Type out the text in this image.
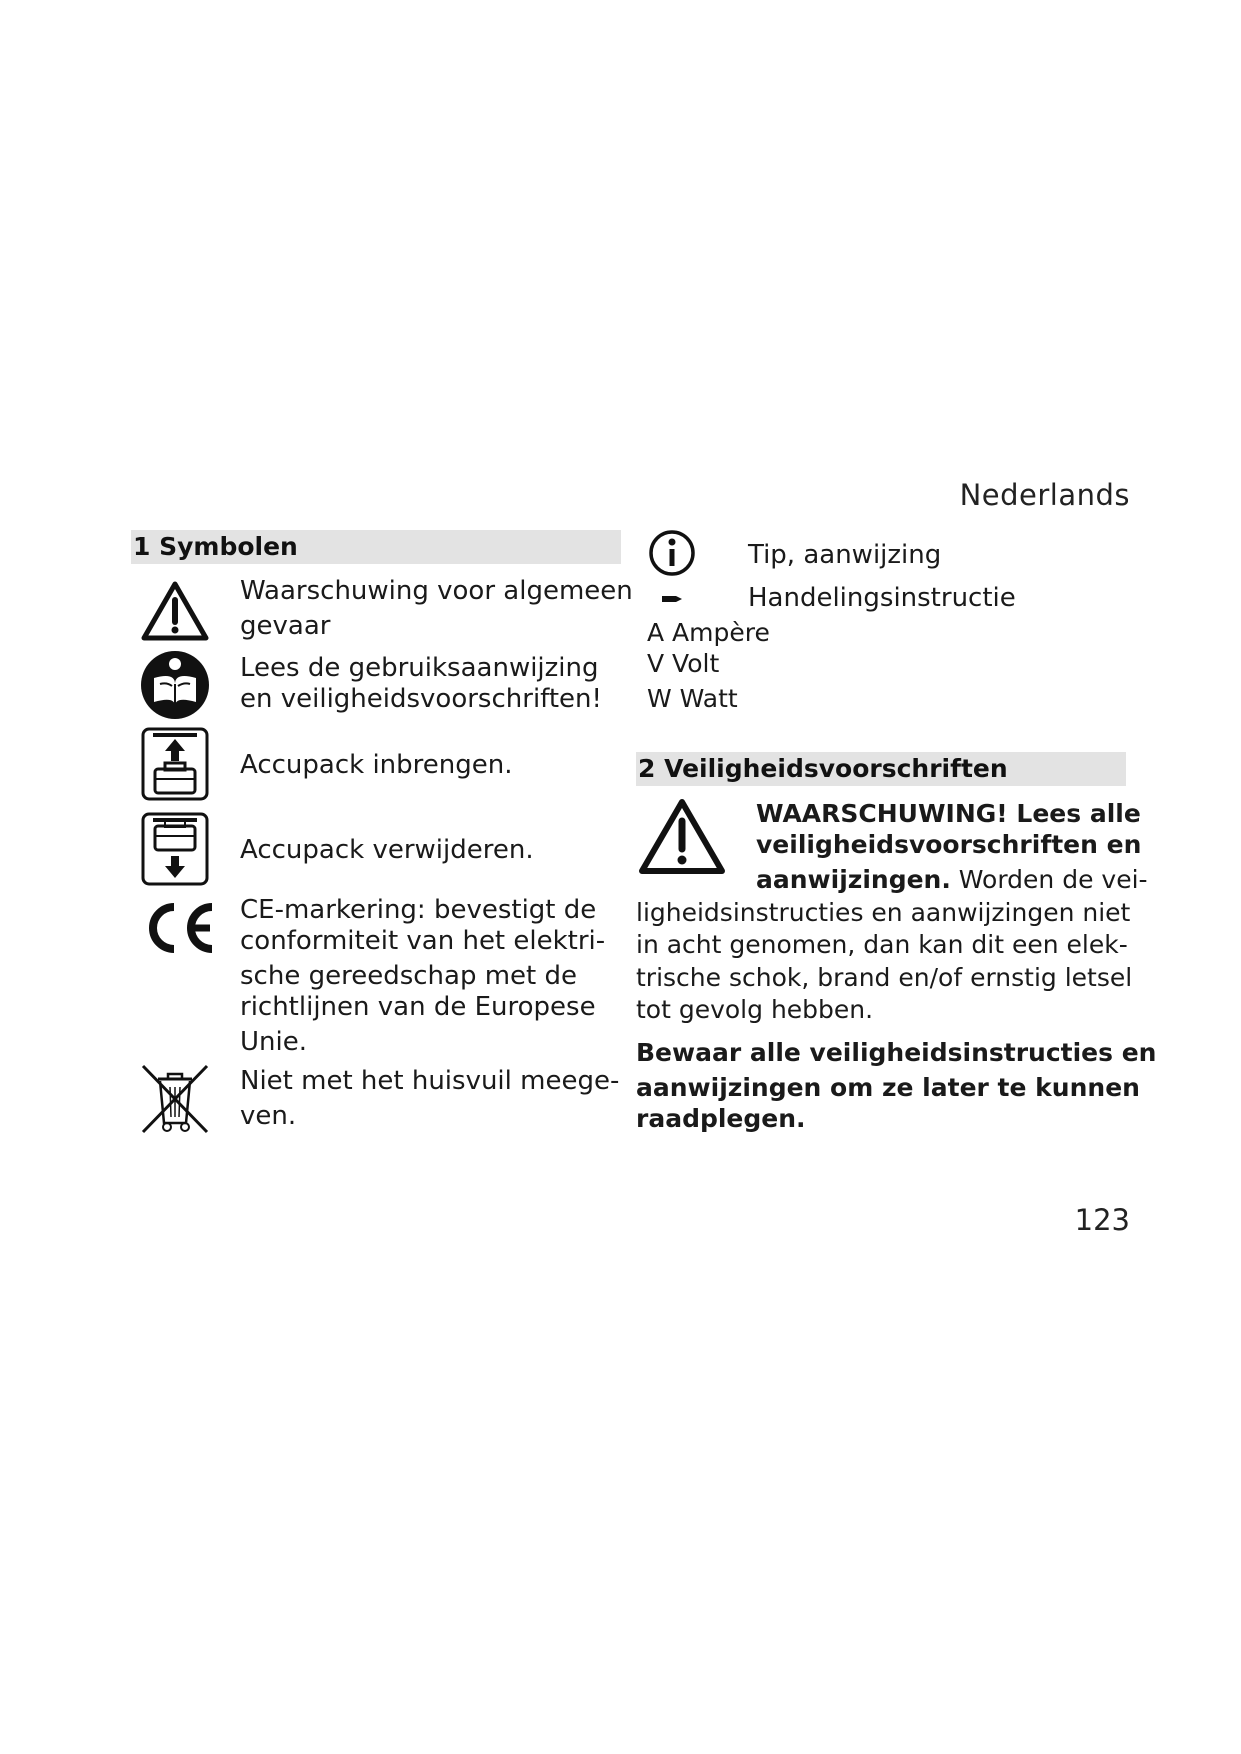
Nederlands
1 Symbolen
Waarschuwing voor algemeen
gevaar
Lees de gebruiksaanwijzing
en veiligheidsvoorschriften!
Accupack inbrengen.
Accupack verwijderen.
CE-markering: bevestigt de
conformiteit van het elektri-
sche gereedschap met de
richtlijnen van de Europese
Unie.
Niet met het huisvuil meege-
ven.
Tip, aanwijzing
Handelingsinstructie
A Ampère
V Volt
W Watt
2 Veiligheidsvoorschriften
WAARSCHUWING! Lees alle
veiligheidsvoorschriften en
aanwijzingen. Worden de vei-
ligheidsinstructies en aanwijzingen niet
in acht genomen, dan kan dit een elek-
trische schok, brand en/of ernstig letsel
tot gevolg hebben.
Bewaar alle veiligheidsinstructies en
aanwijzingen om ze later te kunnen
raadplegen.
123
